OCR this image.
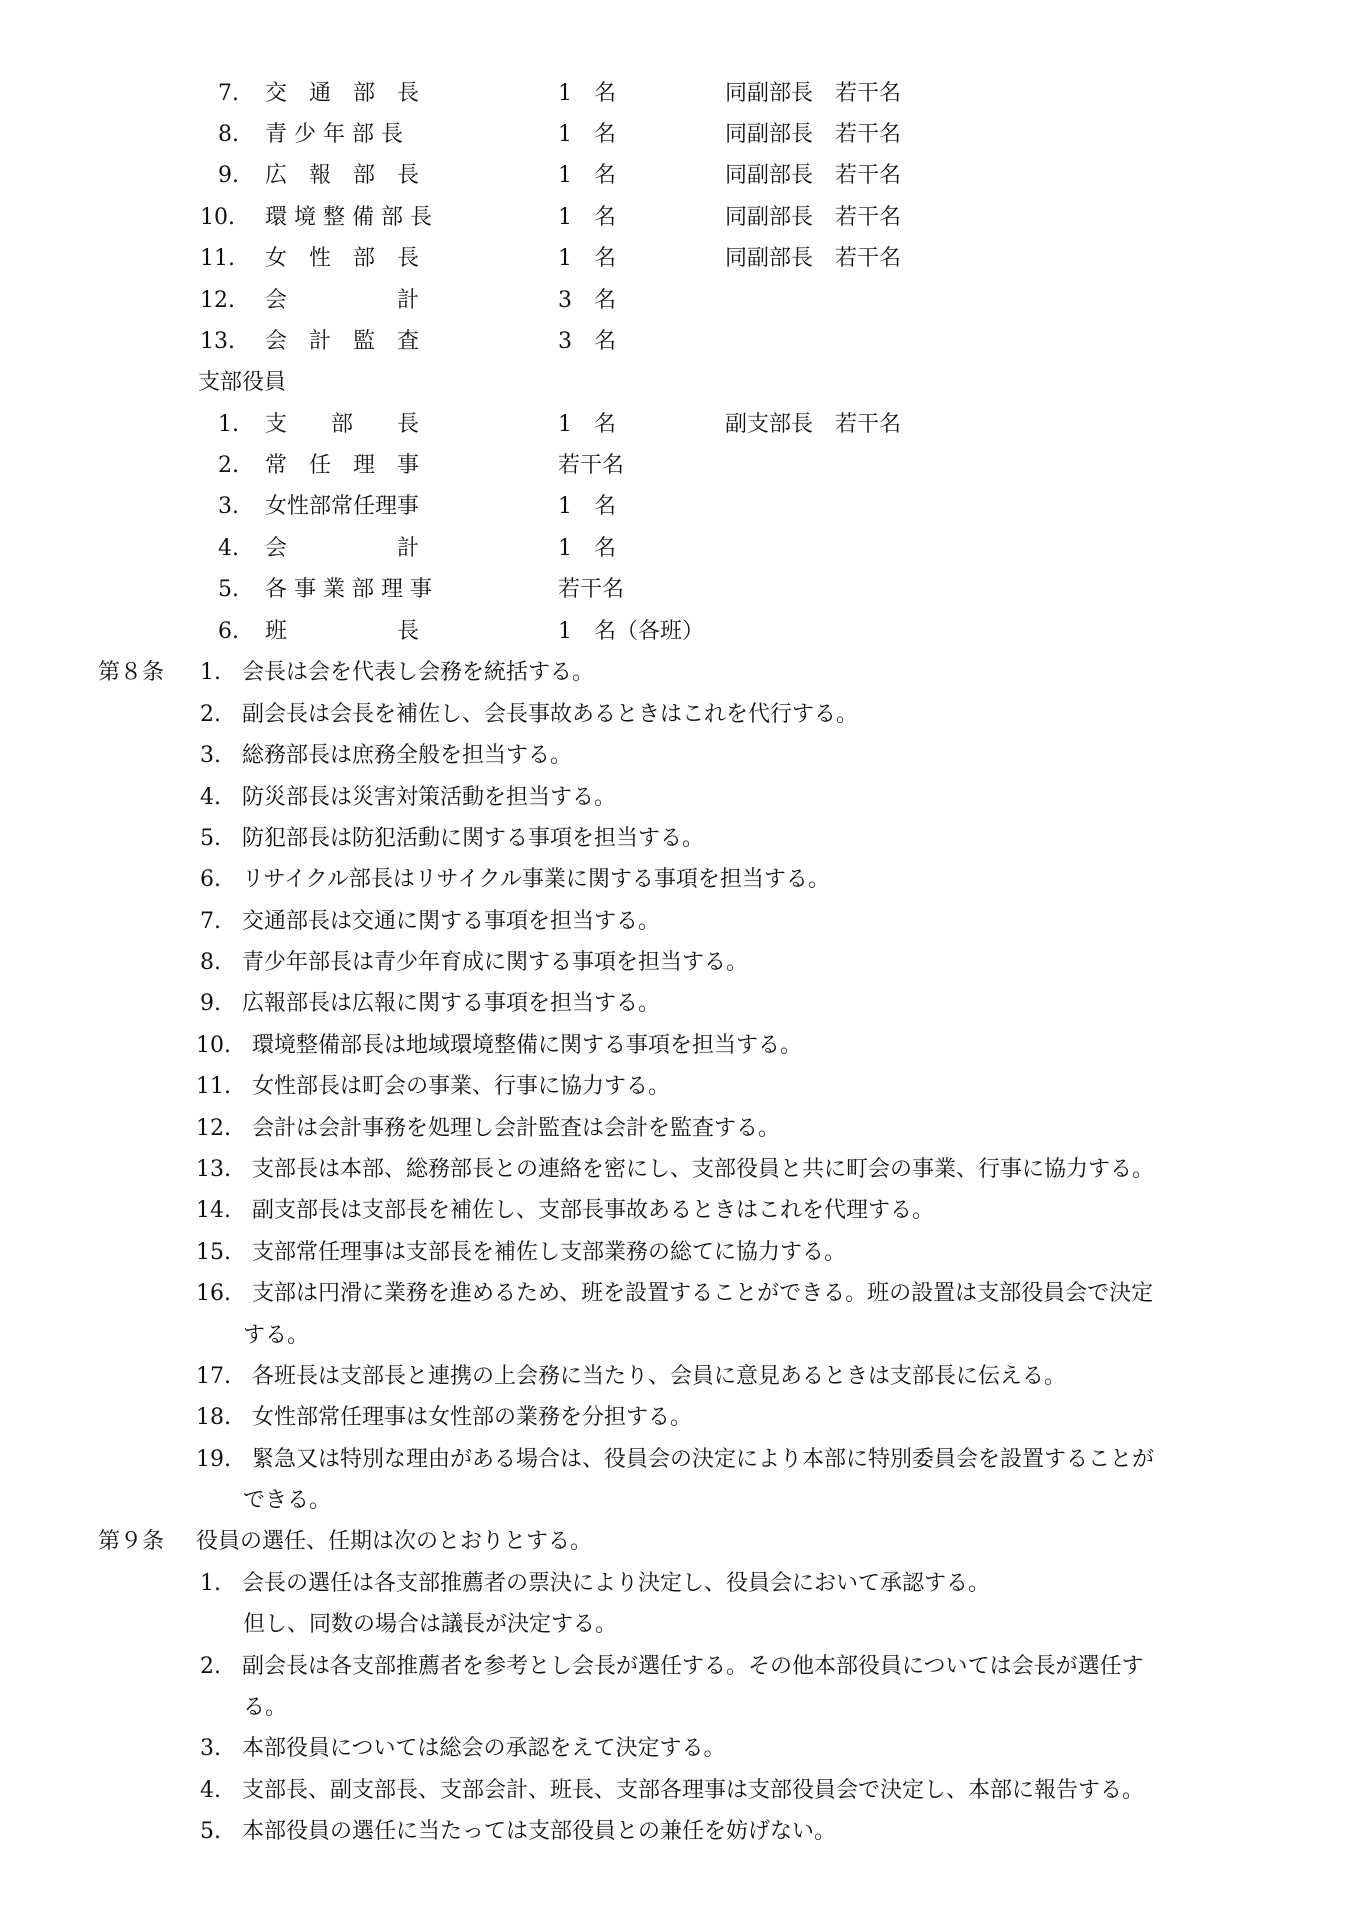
7. 交　通　部　長	1　名	同副部長　若干名
8. 青 少 年 部 長	1　名	同副部長　若干名
9. 広　報　部　長	1　名	同副部長　若干名
10. 環 境 整 備 部 長	1　名	同副部長　若干名
11. 女　性　部　長	1　名	同副部長　若干名
12. 会　　　　　計	3　名
13. 会　計　監　査	3　名
支部役員
1. 支　　部　　長	1　名	副支部長　若干名
2. 常　任　理　事	若干名
3. 女性部常任理事	1　名
4. 会　　　　　計	1　名
5. 各 事 業 部 理 事	若干名
6. 班　　　　　長	1　名（各班）
第８条 1. 会長は会を代表し会務を統括する。
2. 副会長は会長を補佐し、会長事故あるときはこれを代行する。
3. 総務部長は庶務全般を担当する。
4. 防災部長は災害対策活動を担当する。
5. 防犯部長は防犯活動に関する事項を担当する。
6. リサイクル部長はリサイクル事業に関する事項を担当する。
7. 交通部長は交通に関する事項を担当する。
8. 青少年部長は青少年育成に関する事項を担当する。
9. 広報部長は広報に関する事項を担当する。
10. 環境整備部長は地域環境整備に関する事項を担当する。
11. 女性部長は町会の事業、行事に協力する。
12. 会計は会計事務を処理し会計監査は会計を監査する。
13. 支部長は本部、総務部長との連絡を密にし、支部役員と共に町会の事業、行事に協力する。
14. 副支部長は支部長を補佐し、支部長事故あるときはこれを代理する。
15. 支部常任理事は支部長を補佐し支部業務の総てに協力する。
16. 支部は円滑に業務を進めるため、班を設置することができる。班の設置は支部役員会で決定
する。
17. 各班長は支部長と連携の上会務に当たり、会員に意見あるときは支部長に伝える。
18. 女性部常任理事は女性部の業務を分担する。
19. 緊急又は特別な理由がある場合は、役員会の決定により本部に特別委員会を設置することが
できる。
第９条 役員の選任、任期は次のとおりとする。
1. 会長の選任は各支部推薦者の票決により決定し、役員会において承認する。
但し、同数の場合は議長が決定する。
2. 副会長は各支部推薦者を参考とし会長が選任する。その他本部役員については会長が選任す
る。
3. 本部役員については総会の承認をえて決定する。
4. 支部長、副支部長、支部会計、班長、支部各理事は支部役員会で決定し、本部に報告する。
5. 本部役員の選任に当たっては支部役員との兼任を妨げない。
